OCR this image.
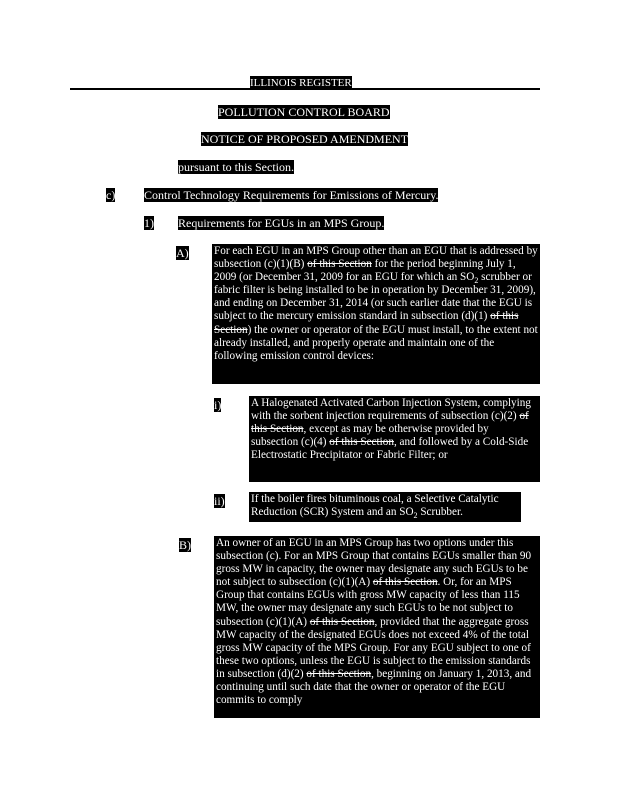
ILLINOIS REGISTER
POLLUTION CONTROL BOARD
NOTICE OF PROPOSED AMENDMENT
pursuant to this Section.
c) Control Technology Requirements for Emissions of Mercury.
1) Requirements for EGUs in an MPS Group.
A) For each EGU in an MPS Group other than an EGU that is addressed by subsection (c)(1)(B) of this Section for the period beginning July 1, 2009 (or December 31, 2009 for an EGU for which an $SO_2$ scrubber or fabric filter is being installed to be in operation by December 31, 2009), and ending on December 31, 2014 (or such earlier date that the EGU is subject to the mercury emission standard in subsection (d)(1) of this Section) the owner or operator of the EGU must install, to the extent not already installed, and properly operate and maintain one of the following emission control devices:
i)	A Halogenated Activated Carbon Injection System, complying with the sorbent injection requirements of subsection (c)(2) of this Section, except as may be otherwise provided by subsection (c)(4) of this Section, and followed by a Cold-Side Electrostatic Precipitator or Fabric Filter; or
ii) If the boiler fires bituminous coal, a Selective Catalytic Reduction (SCR) System and an $SO_2$ Scrubber.
B) An owner of an EGU in an MPS Group has two options under this subsection (c). For an MPS Group that contains EGUs smaller than 90 gross MW in capacity, the owner may designate any such EGUs to be not subject to subsection (c)(1)(A) of this Section. Or, for an MPS Group that contains EGUs with gross MW capacity of less than 115 MW, the owner may designate any such EGUs to be not subject to subsection (c)(1)(A) of this Section, provided that the aggregate gross MW capacity of the designated EGUs does not exceed 4% of the total gross MW capacity of the MPS Group. For any EGU subject to one of these two options, unless the EGU is subject to the emission standards in subsection (d)(2) of this Section, beginning on January 1, 2013, and continuing until such date that the owner or operator of the EGU commits to comply
